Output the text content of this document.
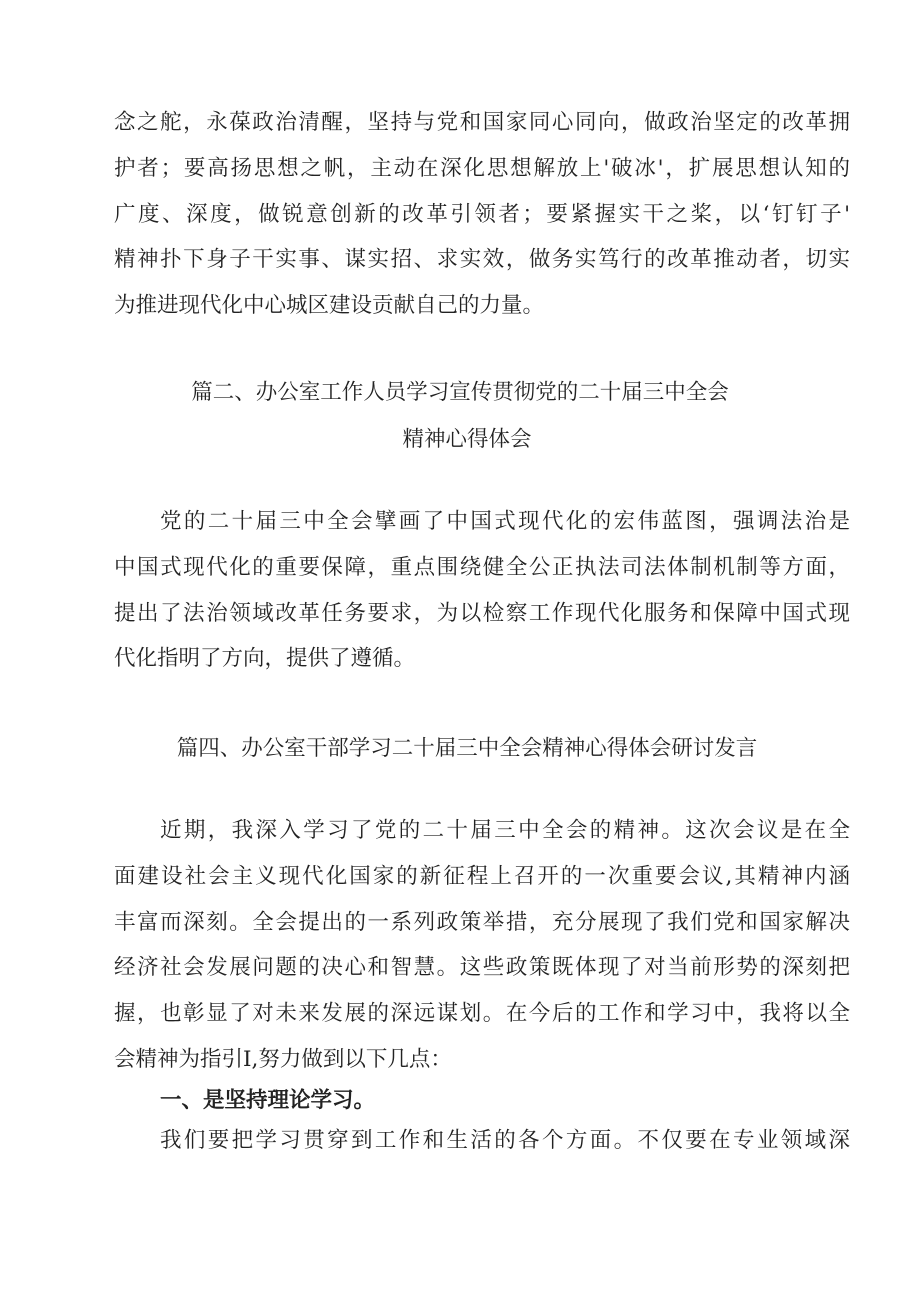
念之舵，永葆政治清醒，坚持与党和国家同心同向，做政治坚定的改革拥
护者；要高扬思想之帆，主动在深化思想解放上'破冰'，扩展思想认知的
广度、深度，做锐意创新的改革引领者；要紧握实干之桨，以‘钉钉子'
精神扑下身子干实事、谋实招、求实效，做务实笃行的改革推动者，切实
为推进现代化中心城区建设贡献自己的力量。
篇二、办公室工作人员学习宣传贯彻党的二十届三中全会
精神心得体会
党的二十届三中全会擘画了中国式现代化的宏伟蓝图，强调法治是
中国式现代化的重要保障，重点围绕健全公正执法司法体制机制等方面，
提出了法治领域改革任务要求，为以检察工作现代化服务和保障中国式现
代化指明了方向，提供了遵循。
篇四、办公室干部学习二十届三中全会精神心得体会研讨发言
近期，我深入学习了党的二十届三中全会的精神。这次会议是在全
面建设社会主义现代化国家的新征程上召开的一次重要会议,其精神内涵
丰富而深刻。全会提出的一系列政策举措，充分展现了我们党和国家解决
经济社会发展问题的决心和智慧。这些政策既体现了对当前形势的深刻把
握，也彰显了对未来发展的深远谋划。在今后的工作和学习中，我将以全
会精神为指引I,努力做到以下几点：
一、是坚持理论学习。
我们要把学习贯穿到工作和生活的各个方面。不仅要在专业领域深
